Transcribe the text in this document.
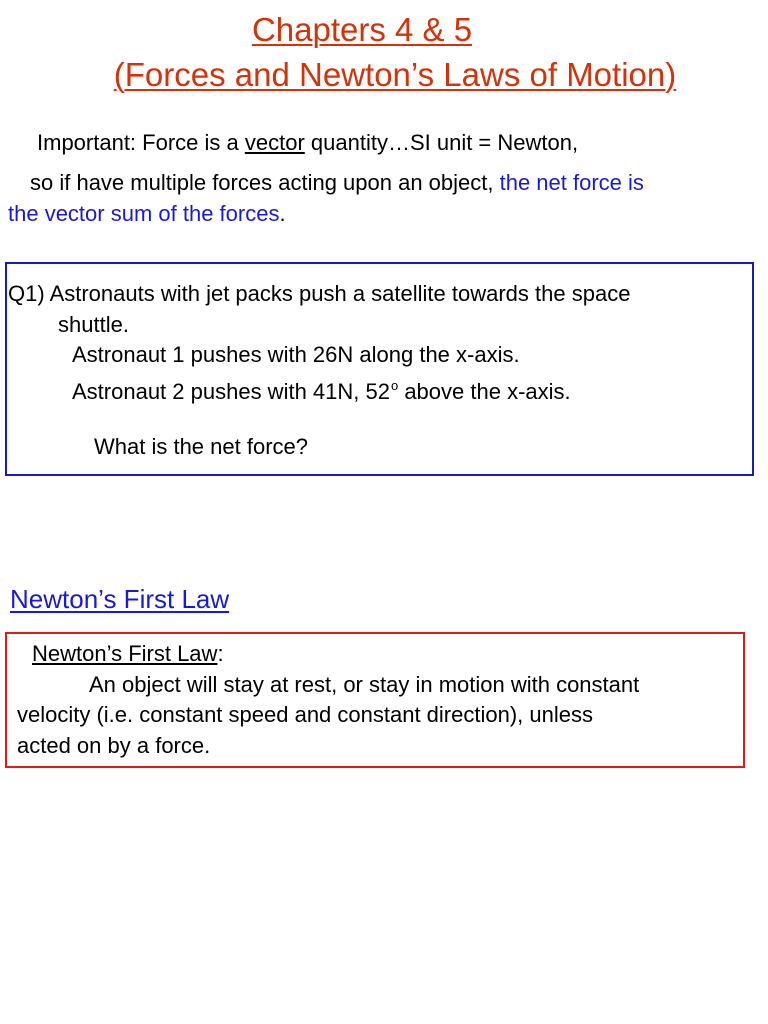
Chapters 4 & 5
(Forces and Newton’s Laws of Motion)
Important: Force is a vector quantity…SI unit = Newton,
so if have multiple forces acting upon an object, the net force is
the vector sum of the forces.
Q1) Astronauts with jet packs push a satellite towards the space
shuttle.
Astronaut 1 pushes with 26N along the x-axis.
Astronaut 2 pushes with 41N, 52$^o$ above the x-axis.
What is the net force?
Newton’s First Law
Newton’s First Law:
An object will stay at rest, or stay in motion with constant
velocity (i.e. constant speed and constant direction), unless
acted on by a force.
